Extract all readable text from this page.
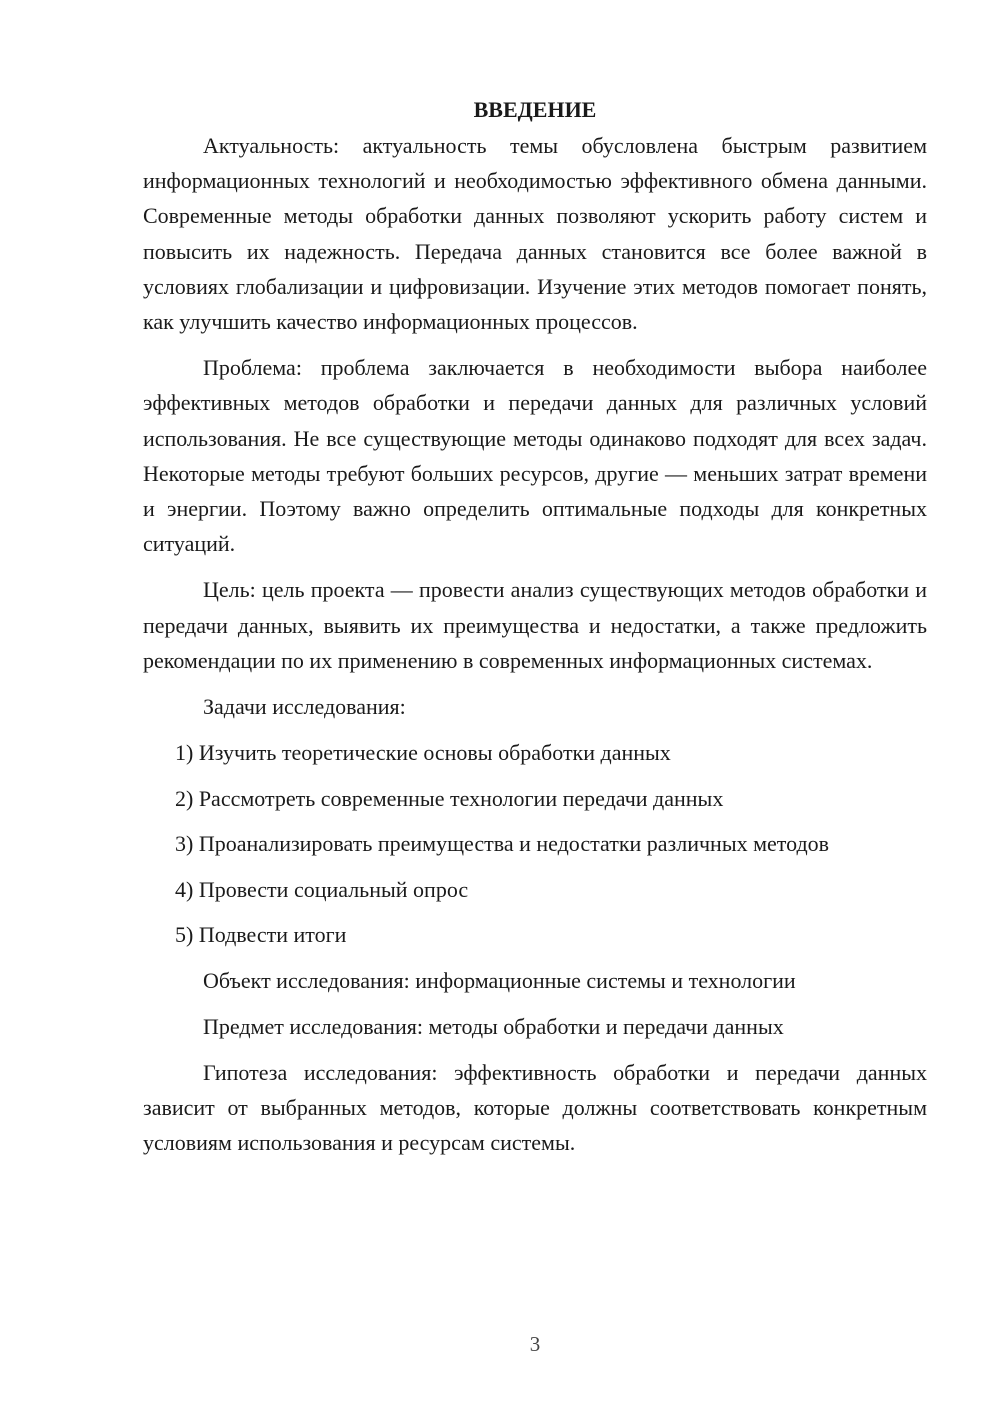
ВВЕДЕНИЕ

Актуальность: актуальность темы обусловлена быстрым развитием информационных технологий и необходимостью эффективного обмена данными. Современные методы обработки данных позволяют ускорить работу систем и повысить их надежность. Передача данных становится все более важной в условиях глобализации и цифровизации. Изучение этих методов помогает понять, как улучшить качество информационных процессов.

Проблема: проблема заключается в необходимости выбора наиболее эффективных методов обработки и передачи данных для различных условий использования. Не все существующие методы одинаково подходят для всех задач. Некоторые методы требуют больших ресурсов, другие — меньших затрат времени и энергии. Поэтому важно определить оптимальные подходы для конкретных ситуаций.

Цель: цель проекта — провести анализ существующих методов обработки и передачи данных, выявить их преимущества и недостатки, а также предложить рекомендации по их применению в современных информационных системах.

Задачи исследования:

1) Изучить теоретические основы обработки данных
2) Рассмотреть современные технологии передачи данных
3) Проанализировать преимущества и недостатки различных методов
4) Провести социальный опрос
5) Подвести итоги

Объект исследования: информационные системы и технологии

Предмет исследования: методы обработки и передачи данных

Гипотеза исследования: эффективность обработки и передачи данных зависит от выбранных методов, которые должны соответствовать конкретным условиям использования и ресурсам системы.

3
